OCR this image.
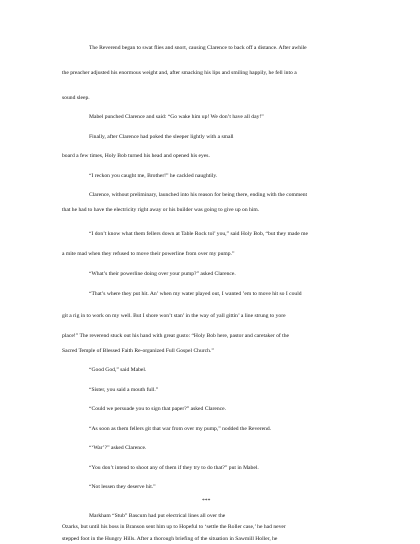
The Reverend began to swat flies and snort, causing Clarence to back off a distance. After awhile
the preacher adjusted his enormous weight and, after smacking his lips and smiling happily, he fell into a
sound sleep.
Mabel punched Clarence and said: “Go wake him up! We don’t have all day!”
Finally, after Clarence had poked the sleeper lightly with a small
board a few times, Holy Bob turned his head and opened his eyes.
“I reckon you caught me, Brother!” he cackled naughtily.
Clarence, without preliminary, launched into his reason for being there, ending with the comment
that he had to have the electricity right away or his builder was going to give up on him.
“I don’t know what them fellers down at Table Rock tol’ you,” said Holy Bob, “but they made me
a mite mad when they refused to move their powerline from over my pump.”
“What’s their powerline doing over your pump?” asked Clarence.
“That’s where they put hit. An’ when my water played out, I wanted ’em to move hit so I could
git a rig in to work on my well. But I shore won’t stan’ in the way of yall gittin’ a line strung to yore
place!” The reverend stuck out his hand with great gusto: “Holy Bob here, pastor and caretaker of the
Sacred Temple of Blessed Faith Re-organized Full Gospel Church.”
“Good God,” said Mabel.
“Sister, you said a mouth full.”
“Could we persuade you to sign that paper?” asked Clarence.
“As soon as them fellers git that war from over my pump,” nodded the Reverend.
“‘War’?” asked Clarence.
“You don’t intend to shoot any of them if they try to do that?” put in Mabel.
“Not lessen they deserve hit.”
***
Markham “Stub” Bascum had put electrical lines all over the
Ozarks, but until his boss in Branson sent him up to Hopeful to ‘settle the Roller case,’ he had never
stepped foot in the Hungry Hills. After a thorough briefing of the situation in Sawmill Holler, he
